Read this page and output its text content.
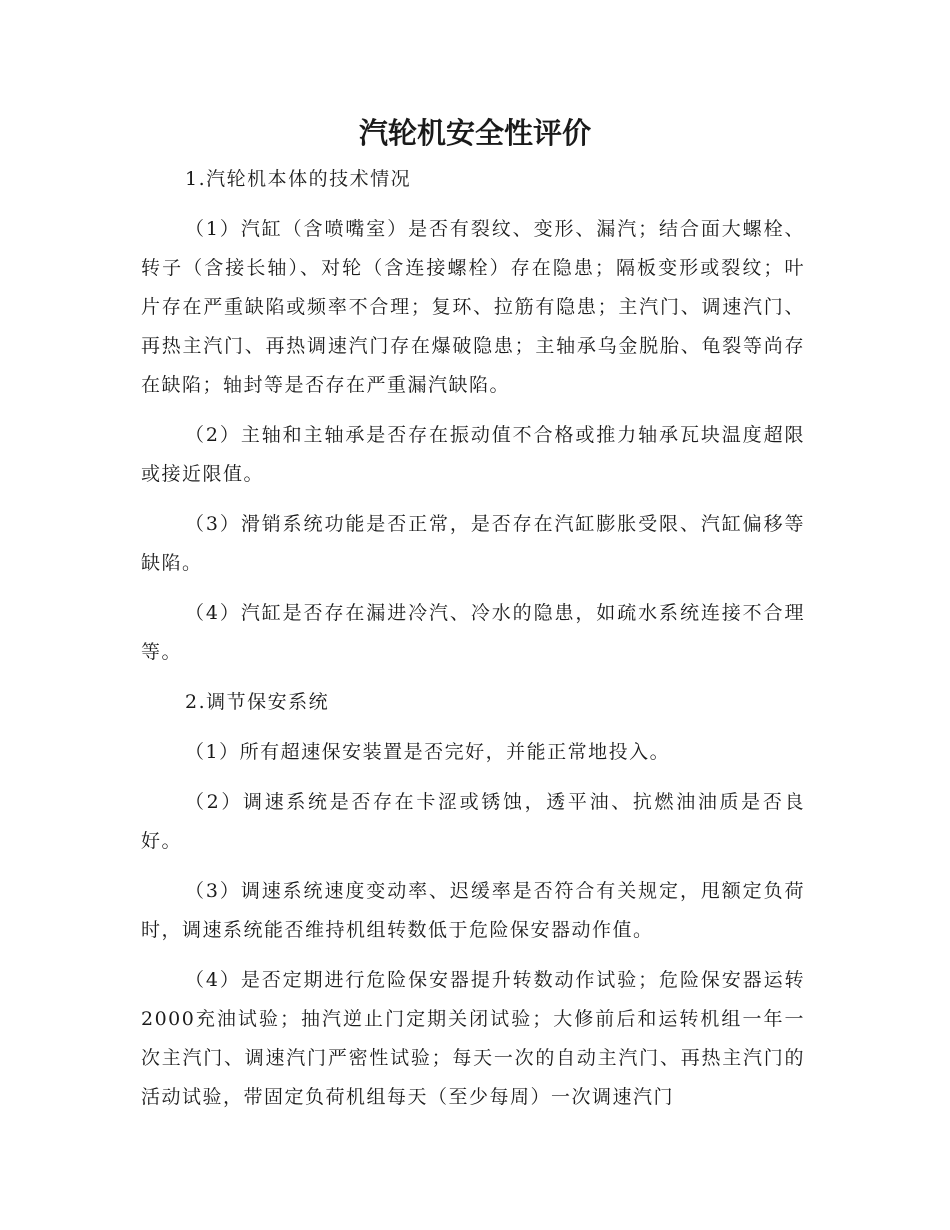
汽轮机安全性评价

1.汽轮机本体的技术情况

（1）汽缸（含喷嘴室）是否有裂纹、变形、漏汽；结合面大螺栓、转子（含接长轴）、对轮（含连接螺栓）存在隐患；隔板变形或裂纹；叶片存在严重缺陷或频率不合理；复环、拉筋有隐患；主汽门、调速汽门、再热主汽门、再热调速汽门存在爆破隐患；主轴承乌金脱胎、龟裂等尚存在缺陷；轴封等是否存在严重漏汽缺陷。

（2）主轴和主轴承是否存在振动值不合格或推力轴承瓦块温度超限或接近限值。

（3）滑销系统功能是否正常，是否存在汽缸膨胀受限、汽缸偏移等缺陷。

（4）汽缸是否存在漏进冷汽、冷水的隐患，如疏水系统连接不合理等。

2.调节保安系统

（1）所有超速保安装置是否完好，并能正常地投入。

（2）调速系统是否存在卡涩或锈蚀，透平油、抗燃油油质是否良好。

（3）调速系统速度变动率、迟缓率是否符合有关规定，甩额定负荷时，调速系统能否维持机组转数低于危险保安器动作值。

（4）是否定期进行危险保安器提升转数动作试验；危险保安器运转2000充油试验；抽汽逆止门定期关闭试验；大修前后和运转机组一年一次主汽门、调速汽门严密性试验；每天一次的自动主汽门、再热主汽门的活动试验，带固定负荷机组每天（至少每周）一次调速汽门
